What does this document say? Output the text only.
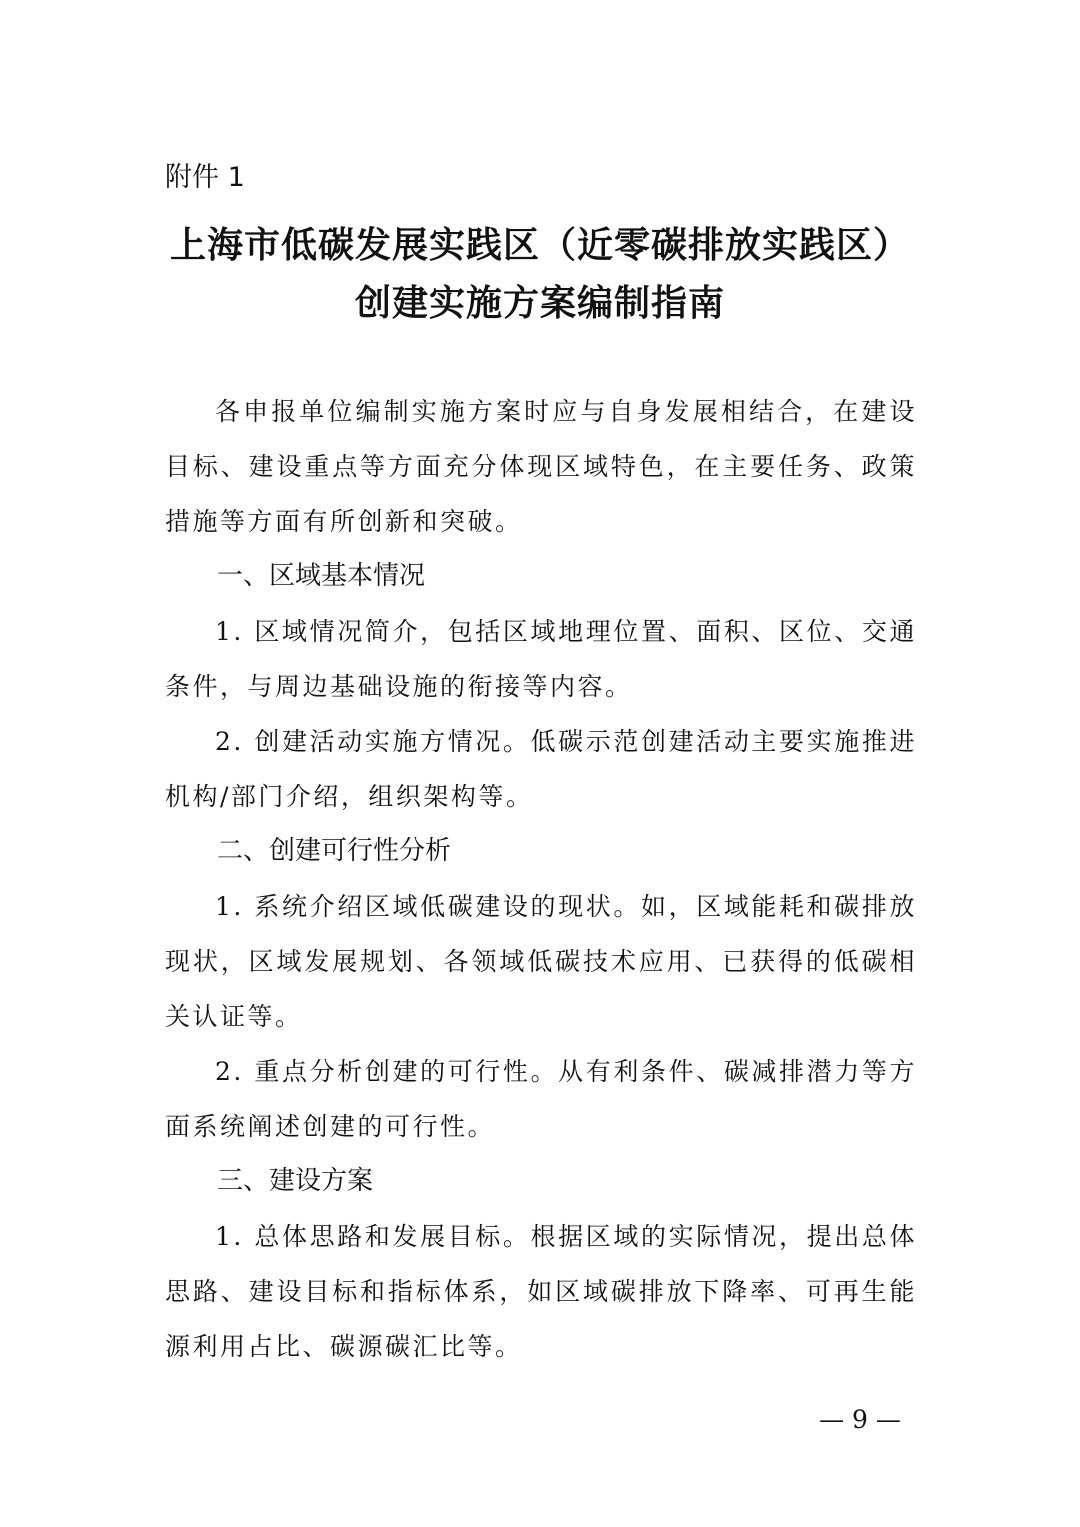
附件 1
上海市低碳发展实践区（近零碳排放实践区）
创建实施方案编制指南

各申报单位编制实施方案时应与自身发展相结合，在建设目标、建设重点等方面充分体现区域特色，在主要任务、政策措施等方面有所创新和突破。

一、区域基本情况

1. 区域情况简介，包括区域地理位置、面积、区位、交通条件，与周边基础设施的衔接等内容。

2. 创建活动实施方情况。低碳示范创建活动主要实施推进机构/部门介绍，组织架构等。

二、创建可行性分析

1. 系统介绍区域低碳建设的现状。如，区域能耗和碳排放现状，区域发展规划、各领域低碳技术应用、已获得的低碳相关认证等。

2. 重点分析创建的可行性。从有利条件、碳减排潜力等方面系统阐述创建的可行性。

三、建设方案

1. 总体思路和发展目标。根据区域的实际情况，提出总体思路、建设目标和指标体系，如区域碳排放下降率、可再生能源利用占比、碳源碳汇比等。

— 9 —
